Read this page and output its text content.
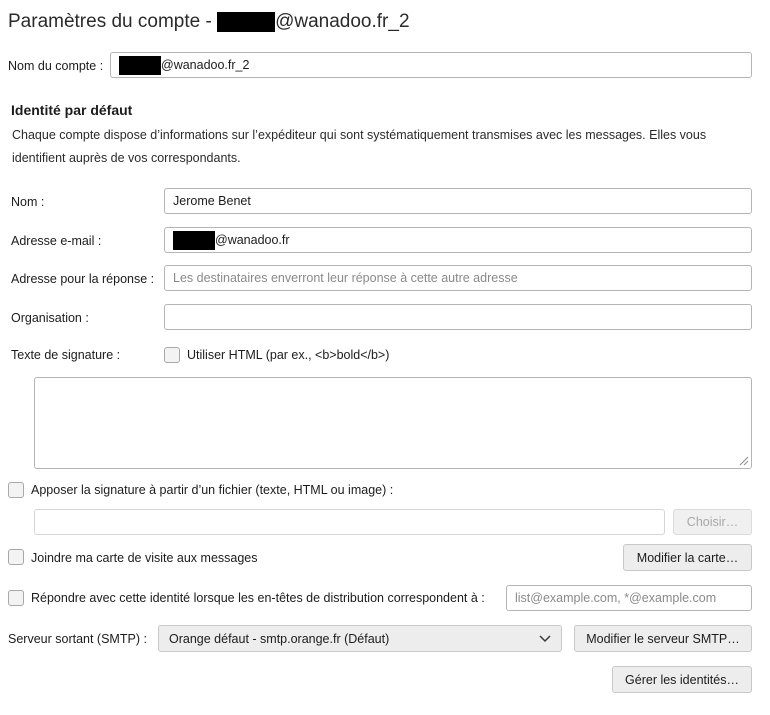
Paramètres du compte -	@wanadoo.fr_2
Nom du compte :	@wanadoo.fr_2
Identité par défaut
Chaque compte dispose d’informations sur l’expéditeur qui sont systématiquement transmises avec les messages. Elles vous identifient auprès de vos correspondants.
Nom :	Jerome Benet
Adresse e-mail :	@wanadoo.fr
Adresse pour la réponse : Les destinataires enverront leur réponse à cette autre adresse
Organisation :
Texte de signature :	Utiliser HTML (par ex., <b>bold</b>)
Apposer la signature à partir d’un fichier (texte, HTML ou image) :
Choisir…
Joindre ma carte de visite aux messages	Modifier la carte…
Répondre avec cette identité lorsque les en-têtes de distribution correspondent à : list@example.com, *@example.com
Serveur sortant (SMTP) : Orange défaut - smtp.orange.fr (Défaut)	Modifier le serveur SMTP…
Gérer les identités…
